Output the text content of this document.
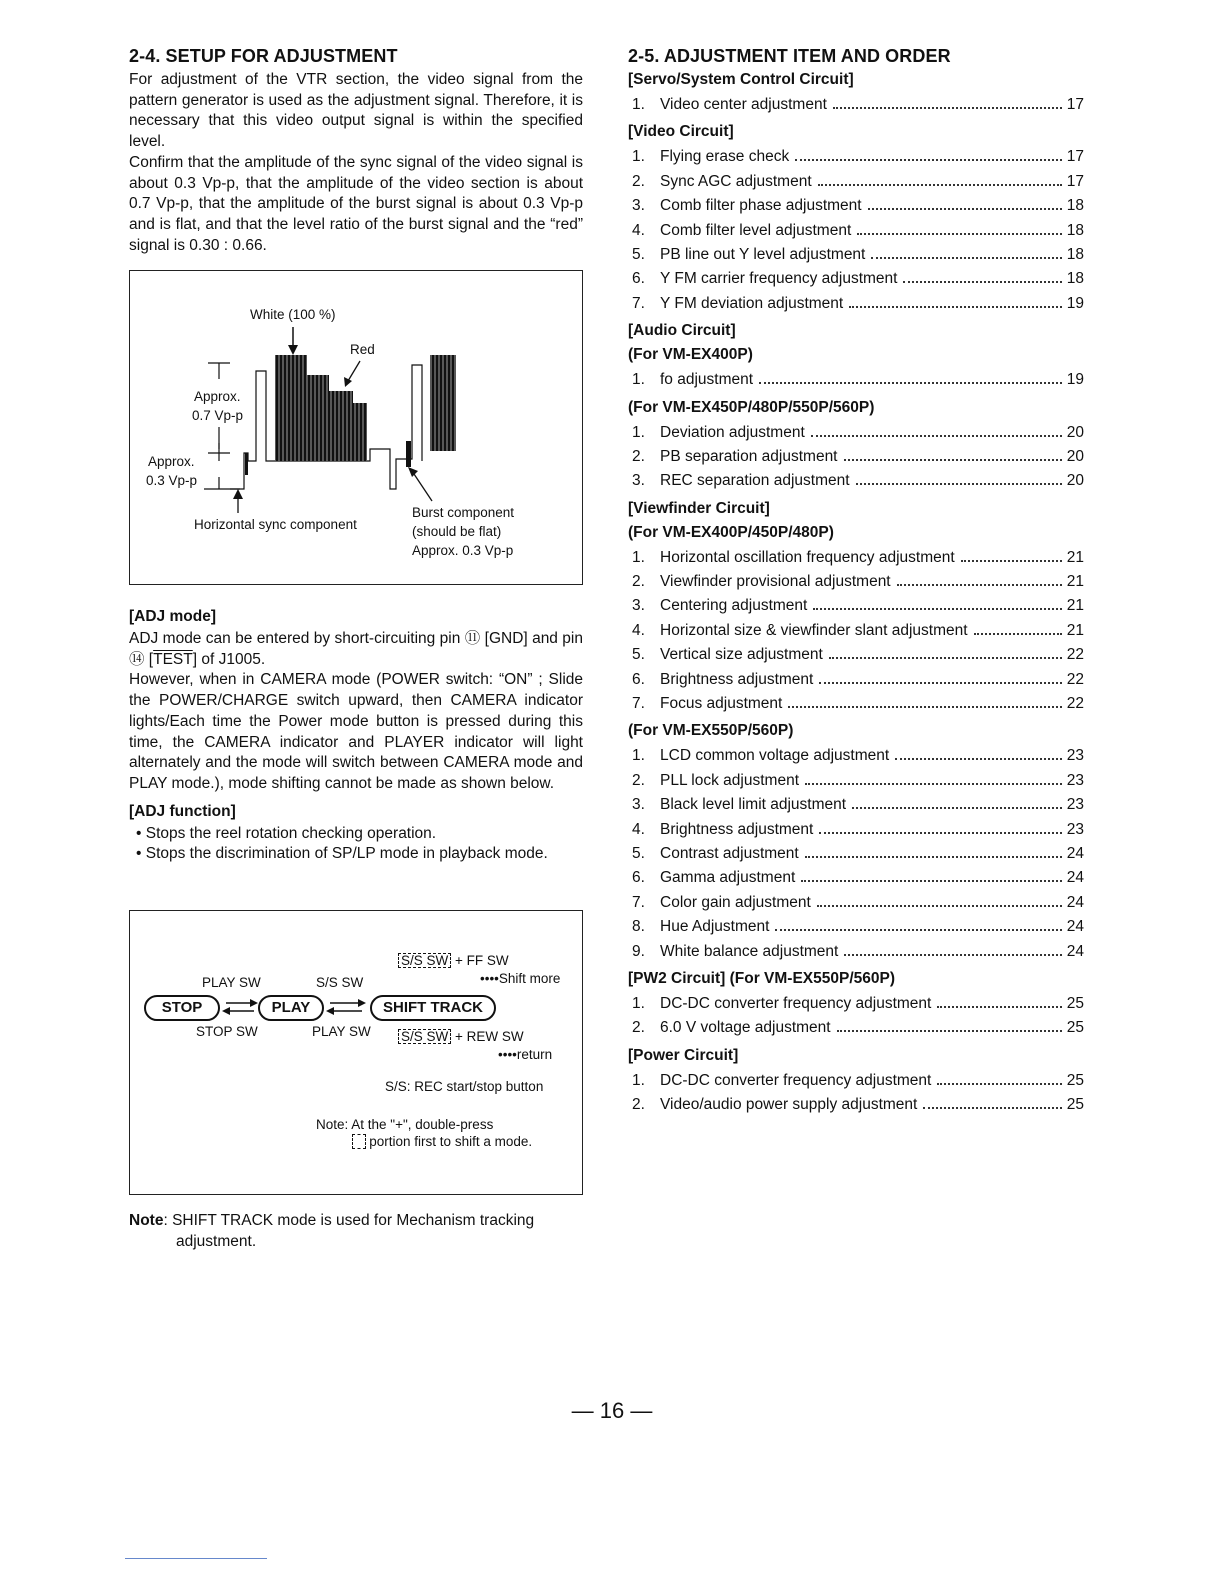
2-4. SETUP FOR ADJUSTMENT

For adjustment of the VTR section, the video signal from the pattern generator is used as the adjustment signal. Therefore, it is necessary that this video output signal is within the specified level.

Confirm that the amplitude of the sync signal of the video signal is about 0.3 Vp-p, that the amplitude of the video section is about 0.7 Vp-p, that the amplitude of the burst signal is about 0.3 Vp-p and is flat, and that the level ratio of the burst signal and the “red” signal is 0.30 : 0.66.

White (100 %)
Red
Approx.
0.7 Vp-p
Approx.
0.3 Vp-p
Horizontal sync component
Burst component
(should be flat)
Approx. 0.3 Vp-p
[ADJ mode]

ADJ mode can be entered by short-circuiting pin ⑪ [GND] and pin ⑭ [TEST] of J1005.

However, when in CAMERA mode (POWER switch: “ON” ; Slide the POWER/CHARGE switch upward, then CAMERA indicator lights/Each time the Power mode button is pressed during this time, the CAMERA indicator and PLAYER indicator will light alternately and the mode will switch between CAMERA mode and PLAY mode.), mode shifting cannot be made as shown below.

[ADJ function]
• Stops the reel rotation checking operation.
• Stops the discrimination of SP/LP mode in playback mode.
S/S SW + FF SW
••••Shift more
PLAY SW	S/S SW
STOP	PLAY	SHIFT TRACK
STOP SW	PLAY SW S/S SW + REW SW
••••return
S/S: REC start/stop button
Note: At the "+", double-press
portion first to shift a mode.
Note: SHIFT TRACK mode is used for Mechanism tracking
adjustment.
2-5. ADJUSTMENT ITEM AND ORDER
[Servo/System Control Circuit]
1. Video center adjustment	17
[Video Circuit]
1. Flying erase check	17
2. Sync AGC adjustment	17
3. Comb filter phase adjustment	18
4. Comb filter level adjustment	18
5. PB line out Y level adjustment	18
6. Y FM carrier frequency adjustment	18
7. Y FM deviation adjustment	19
[Audio Circuit]
(For VM-EX400P)
1. fo adjustment	19
(For VM-EX450P/480P/550P/560P)
1. Deviation adjustment	20
2. PB separation adjustment	20
3. REC separation adjustment	20
[Viewfinder Circuit]
(For VM-EX400P/450P/480P)
1. Horizontal oscillation frequency adjustment	21
2. Viewfinder provisional adjustment	21
3. Centering adjustment	21
4. Horizontal size & viewfinder slant adjustment	21
5. Vertical size adjustment	22
6. Brightness adjustment	22
7. Focus adjustment	22
(For VM-EX550P/560P)
1. LCD common voltage adjustment	23
2. PLL lock adjustment	23
3. Black level limit adjustment	23
4. Brightness adjustment	23
5. Contrast adjustment	24
6. Gamma adjustment	24
7. Color gain adjustment	24
8. Hue Adjustment	24
9. White balance adjustment	24
[PW2 Circuit] (For VM-EX550P/560P)
1. DC-DC converter frequency adjustment	25
2. 6.0 V voltage adjustment	25
[Power Circuit]
1. DC-DC converter frequency adjustment	25
2. Video/audio power supply adjustment	25
— 16 —
